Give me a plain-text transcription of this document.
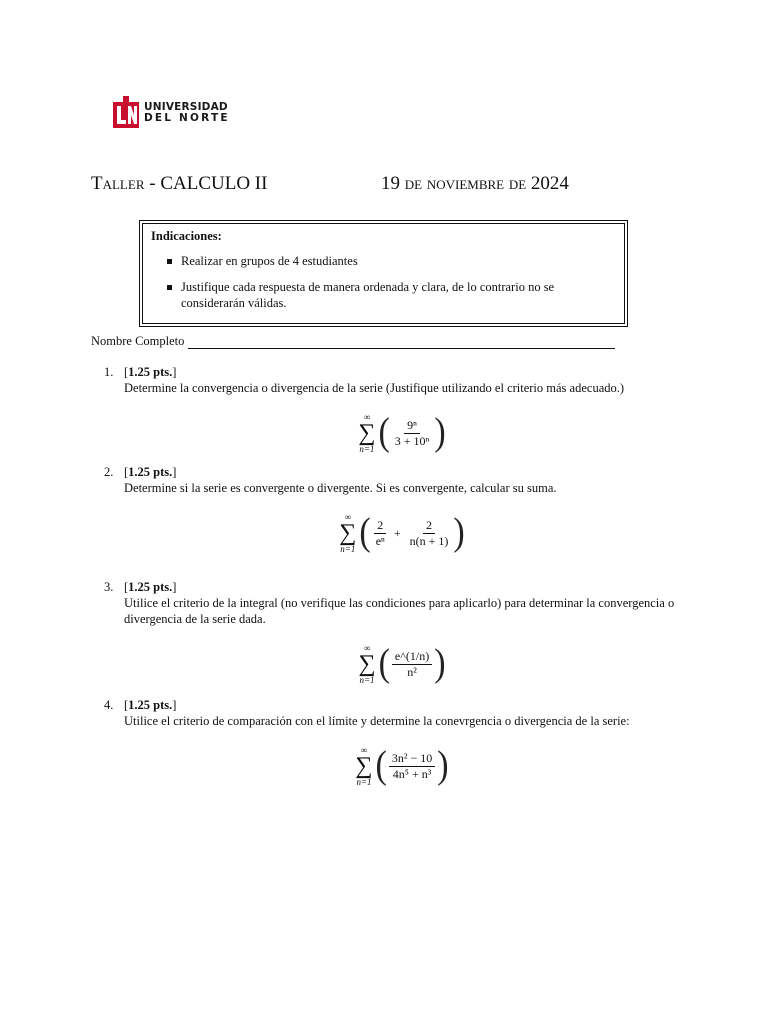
UNIVERSIDAD
DEL NORTE
Taller - CALCULO II	19 de noviembre de 2024
Indicaciones:
Realizar en grupos de 4 estudiantes
Justifique cada respuesta de manera ordenada y clara, de lo contrario no se considerarán válidas.
Nombre Completo
1. [1.25 pts.]
Determine la convergencia o divergencia de la serie (Justifique utilizando el criterio más adecuado.)
∞
∑
n=1 ( $\frac{\text{9ⁿ}}{\text{3 + 10ⁿ}}$ )
2. [1.25 pts.]
Determine si la serie es convergente o divergente. Si es convergente, calcular su suma.
∞
∑
n=1 ( $\frac{2}{\text{eⁿ}} + \frac{2}{n(n + 1)}$ )
3. [1.25 pts.]
Utilice el criterio de la integral (no verifique las condiciones para aplicarlo) para determinar la convergencia o divergencia de la serie dada.
∞
∑
n=1 ( $\frac{e\^{}(1/n)}{\text{n²}}$ )
4. [1.25 pts.]
Utilice el criterio de comparación con el límite y determine la conevrgencia o divergencia de la serie:
∞
∑
n=1 ( $\frac{\text{3n² − 10}}{\text{4n⁵ + n³}}$ )
